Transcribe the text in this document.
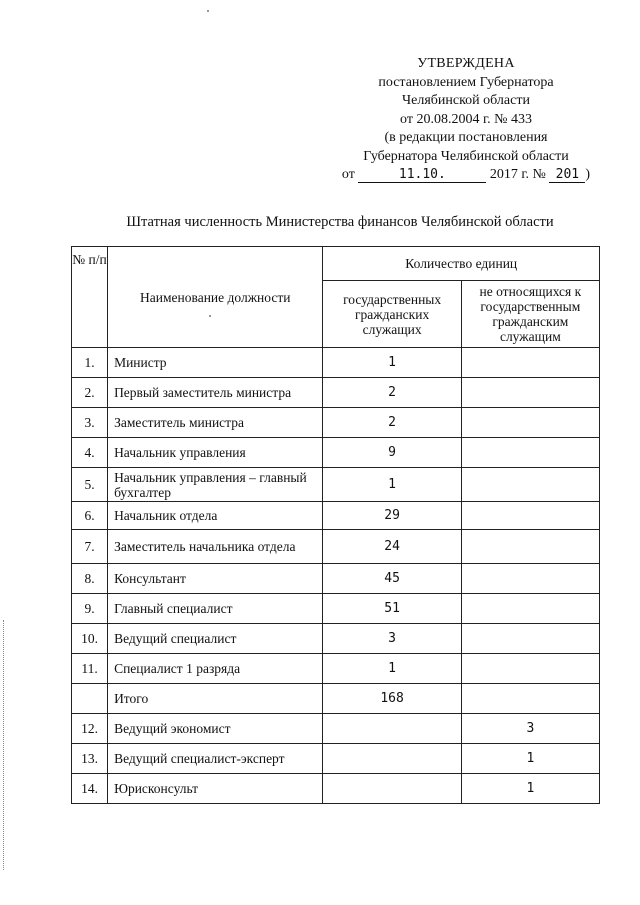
УТВЕРЖДЕНА
постановлением Губернатора
Челябинской области
от 20.08.2004 г. № 433
(в редакции постановления
Губернатора Челябинской области
от	11.10.	2017 г. № 201 )
Штатная численность Министерства финансов Челябинской области
№ п/п	Наименование должности	Количество единиц	
		государственных гражданских служащих	не относящихся к государственным гражданским служащим
1.	Министр	1	
2.	Первый заместитель министра	2	
3.	Заместитель министра	2	
4.	Начальник управления	9	
5.	Начальник управления – главный бухгалтер	1	
6.	Начальник отдела	29	
7.	Заместитель начальника отдела	24	
8.	Консультант	45	
9.	Главный специалист	51	
10.	Ведущий специалист	3	
11.	Специалист 1 разряда	1	
	Итого	168	
12.	Ведущий экономист		3
13.	Ведущий специалист-эксперт		1
14.	Юрисконсульт		1
